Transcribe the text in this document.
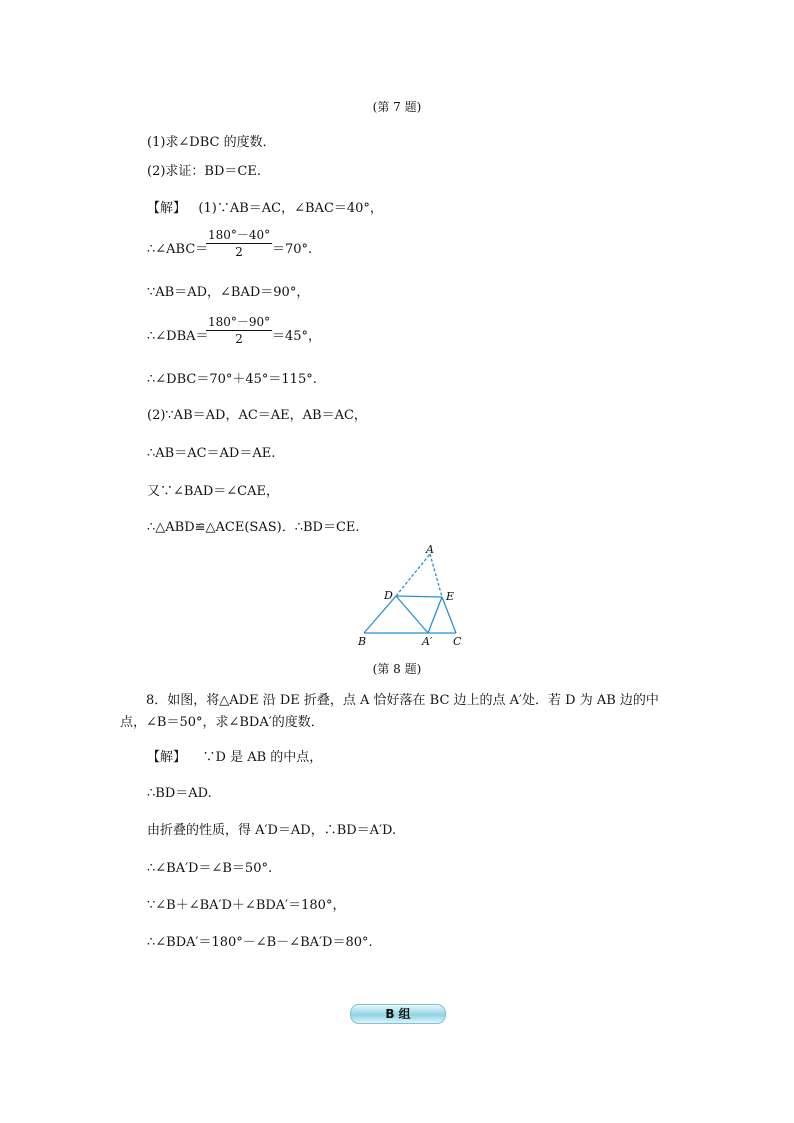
(第 7 题)
(1)求∠DBC 的度数．
(2)求证：BD＝CE.
【解】 (1)∵AB＝AC，∠BAC＝40°，
∴∠ABC＝
180°－40°
2	＝70°.
∵AB＝AD，∠BAD＝90°，
∴∠DBA＝
180°－90°
2	＝45°，
∴∠DBC＝70°＋45°＝115°.
(2)∵AB＝AD，AC＝AE，AB＝AC，
∴AB＝AC＝AD＝AE.
又∵∠BAD＝∠CAE，
∴△ABD≌△ACE(SAS)．∴BD＝CE.
A
D	E
B	A′ C
(第 8 题)
8．如图，将△ADE 沿 DE 折叠，点 A 恰好落在 BC 边上的点 A′处．若 D 为 AB 边的中点，∠B＝50°，求∠BDA′的度数．
【解】 ∵D 是 AB 的中点，
∴BD＝AD.
由折叠的性质，得 A′D＝AD，∴BD＝A′D.
∴∠BA′D＝∠B＝50°.
∵∠B＋∠BA′D＋∠BDA′＝180°，
∴∠BDA′＝180°－∠B－∠BA′D＝80°.
B 组
